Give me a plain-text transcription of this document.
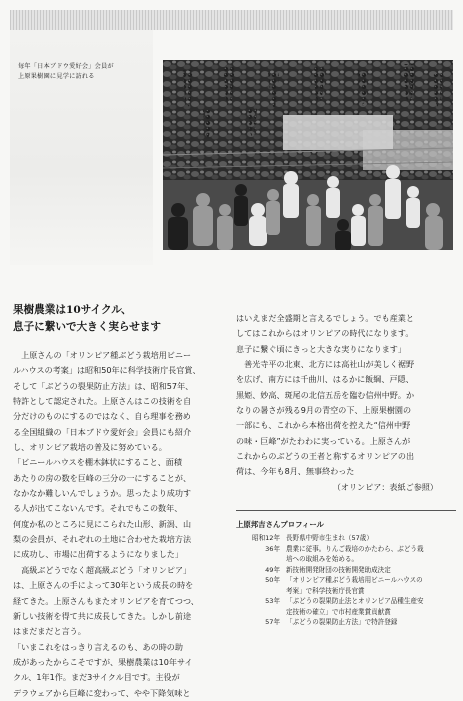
毎年「日本ブドウ愛好会」会員が
上原果樹園に見学に訪れる
果樹農業は10サイクル、
息子に繋いで大きく実らせます
　上原さんの「オリンピア種ぶどう栽培用ビニー
ルハウスの考案」は昭和50年に科学技術庁長官賞、
そして「ぶどうの裂果防止方法」は、昭和57年、
特許として認定された。上原さんはこの技術を自
分だけのものにするのではなく、自ら理事を務め
る全国組織の「日本ブドウ愛好会」会員にも紹介
し、オリンピア栽培の普及に努めている。
「ビニールハウスを棚木鉢状にすること、面積
あたりの房の数を巨峰の三分の一にすることが、
なかなか難しいんでしょうか。思ったより成功す
る人が出てこないんです。それでもこの数年、
何度か私のところに見にこられた山形、新潟、山
梨の会員が、それぞれの土地に合わせた栽培方法
に成功し、市場に出荷するようになりました」
　高級ぶどうでなく超高級ぶどう「オリンピア」
は、上原さんの手によって30年という成長の時を
経てきた。上原さんもまたオリンピアを育てつつ、
新しい技術を得て共に成長してきた。しかし前途
はまだまだと言う。
「いまこれをはっきり言えるのも、あの時の助
成があったからこそですが、果樹農業は10年サイ
クル、1年1作。まだ3サイクル目です。主役が
デラウェアから巨峰に変わって、やや下降気味と
はいえまだ全盛期と言えるでしょう。でも産業と
してはこれからはオリンピアの時代になります。
息子に繋ぐ頃にきっと大きな実りになります」
　善光寺平の北東、北方には高社山が美しく裾野
を広げ、南方には千曲川、はるかに飯綱、戸隠、
黒姫、妙高、斑尾の北信五岳を臨む信州中野。か
なりの暑さが残る9月の青空の下、上原果樹園の
一部にも、これから本格出荷を控えた“信州中野
の味・巨峰”がたわわに実っている。上原さんが
これからのぶどうの王者と称するオリンピアの出
荷は、今年も8月、無事終わった
（オリンピア：表紙ご参照）
上原邦吉さんプロフィール
昭和12年 長野県中野市生まれ（57歳）
36年 農業に従事。りんご栽培のかたわら、ぶどう栽
培への取組みを始める。
49年 新技術開発財団の技術開発助成決定
50年 「オリンピア種ぶどう栽培用ビニールハウスの
考案」で科学技術庁長官賞
53年 「ぶどうの裂果防止法とオリンピア品種生産安
定技術の確立」で市村産業賞貢献賞
57年 「ぶどうの裂果防止方法」で特許登録
